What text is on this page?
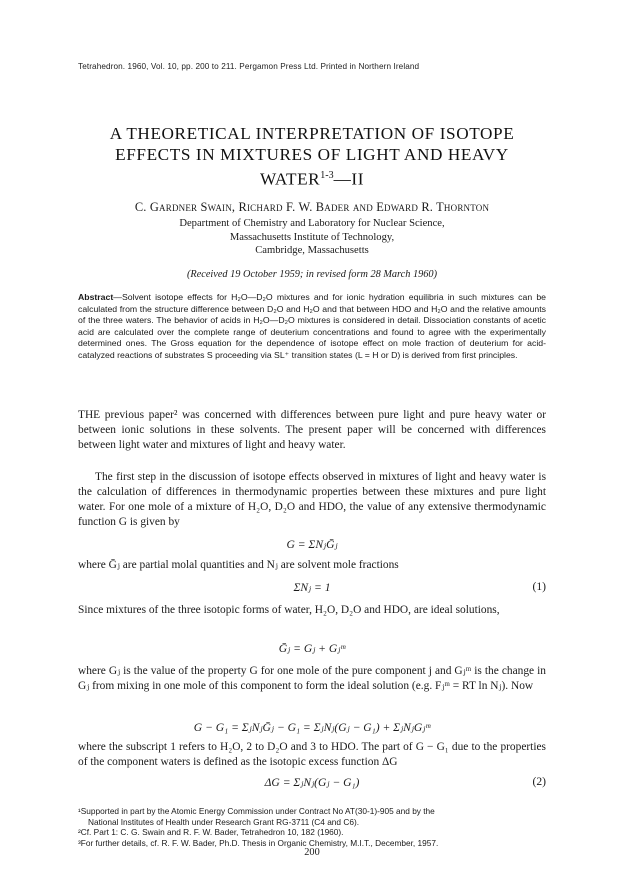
Tetrahedron. 1960, Vol. 10, pp. 200 to 211. Pergamon Press Ltd. Printed in Northern Ireland
A THEORETICAL INTERPRETATION OF ISOTOPE
EFFECTS IN MIXTURES OF LIGHT AND HEAVY
WATER$^{1-3}$—II
C. Gardner Swain, Richard F. W. Bader and Edward R. Thornton
Department of Chemistry and Laboratory for Nuclear Science,
Massachusetts Institute of Technology,
Cambridge, Massachusetts
(Received 19 October 1959; in revised form 28 March 1960)
Abstract—Solvent isotope effects for H₂O—D₂O mixtures and for ionic hydration equilibria in such mixtures can be calculated from the structure difference between D₂O and H₂O and that between HDO and H₂O and the relative amounts of the three waters. The behavior of acids in H₂O—D₂O mixtures is considered in detail. Dissociation constants of acetic acid are calculated over the complete range of deuterium concentrations and found to agree with the experimentally determined ones. The Gross equation for the dependence of isotope effect on mole fraction of deuterium for acid-catalyzed reactions of substrates S proceeding via SL⁺ transition states (L = H or D) is derived from first principles.
THE previous paper² was concerned with differences between pure light and pure heavy water or between ionic solutions in these solvents. The present paper will be concerned with differences between light water and mixtures of light and heavy water.
The first step in the discussion of isotope effects observed in mixtures of light and heavy water is the calculation of differences in thermodynamic properties between these mixtures and pure light water. For one mole of a mixture of H₂O, D₂O and HDO, the value of any extensive thermodynamic function G is given by
G = ΣNⱼḠⱼ
where Ḡⱼ are partial molal quantities and Nⱼ are solvent mole fractions
ΣNⱼ = 1	(1)
Since mixtures of the three isotopic forms of water, H₂O, D₂O and HDO, are ideal solutions,
Ḡⱼ = Gⱼ + Gⱼᵐ
where Gⱼ is the value of the property G for one mole of the pure component j and Gⱼᵐ is the change in Gⱼ from mixing in one mole of this component to form the ideal solution (e.g. Fⱼᵐ = RT ln Nⱼ). Now
G − G₁ = ΣⱼNⱼḠⱼ − G₁ = ΣⱼNⱼ(Gⱼ − G₁) + ΣⱼNⱼGⱼᵐ
where the subscript 1 refers to H₂O, 2 to D₂O and 3 to HDO. The part of G − G₁ due to the properties of the component waters is defined as the isotopic excess function ΔG
ΔG = ΣⱼNⱼ(Gⱼ − G₁)	(2)
¹Supported in part by the Atomic Energy Commission under Contract No AT(30-1)-905 and by the
National Institutes of Health under Research Grant RG-3711 (C4 and C6).
²Cf. Part 1: C. G. Swain and R. F. W. Bader, Tetrahedron 10, 182 (1960).
³For further details, cf. R. F. W. Bader, Ph.D. Thesis in Organic Chemistry, M.I.T., December, 1957.
200
